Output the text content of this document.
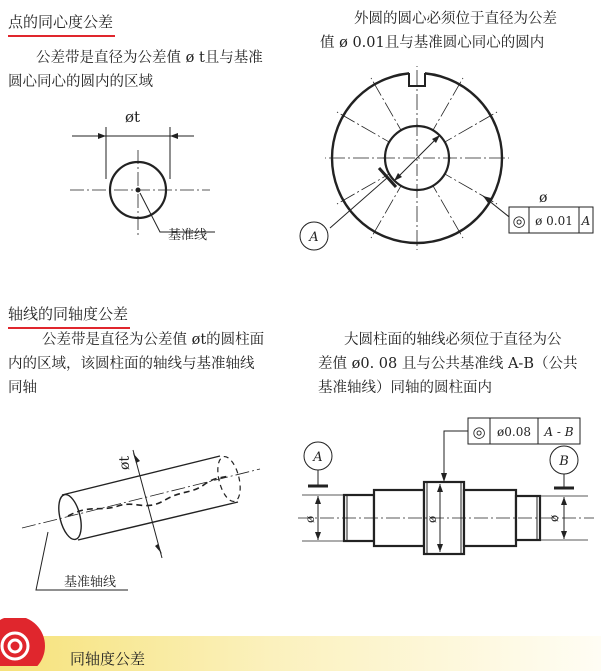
点的同心度公差
公差带是直径为公差值 ø t且与基准
圆心同心的圆内的区域
øt
基准线
外圆的圆心必须位于直径为公差
值 ø 0.01且与基准圆心同心的圆内
A
ø
◎ ø 0.01 A
轴线的同轴度公差
公差带是直径为公差值 øt的圆柱面
内的区域，该圆柱面的轴线与基准轴线
同轴
øt
基准轴线
大圆柱面的轴线必须位于直径为公
差值 ø0. 08 且与公共基准线 A-B（公共
基准轴线）同轴的圆柱面内
◎ ø0.08 A - B
A	B
ø	ø
ø
同轴度公差
